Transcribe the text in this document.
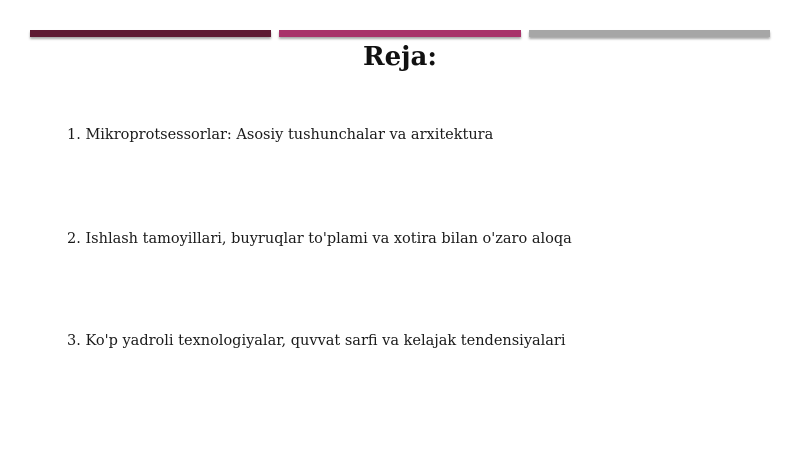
Reja:

1. Mikroprotsessorlar: Asosiy tushunchalar va arxitektura

2. Ishlash tamoyillari, buyruqlar to'plami va xotira bilan o'zaro aloqa

3. Ko'p yadroli texnologiyalar, quvvat sarfi va kelajak tendensiyalari
